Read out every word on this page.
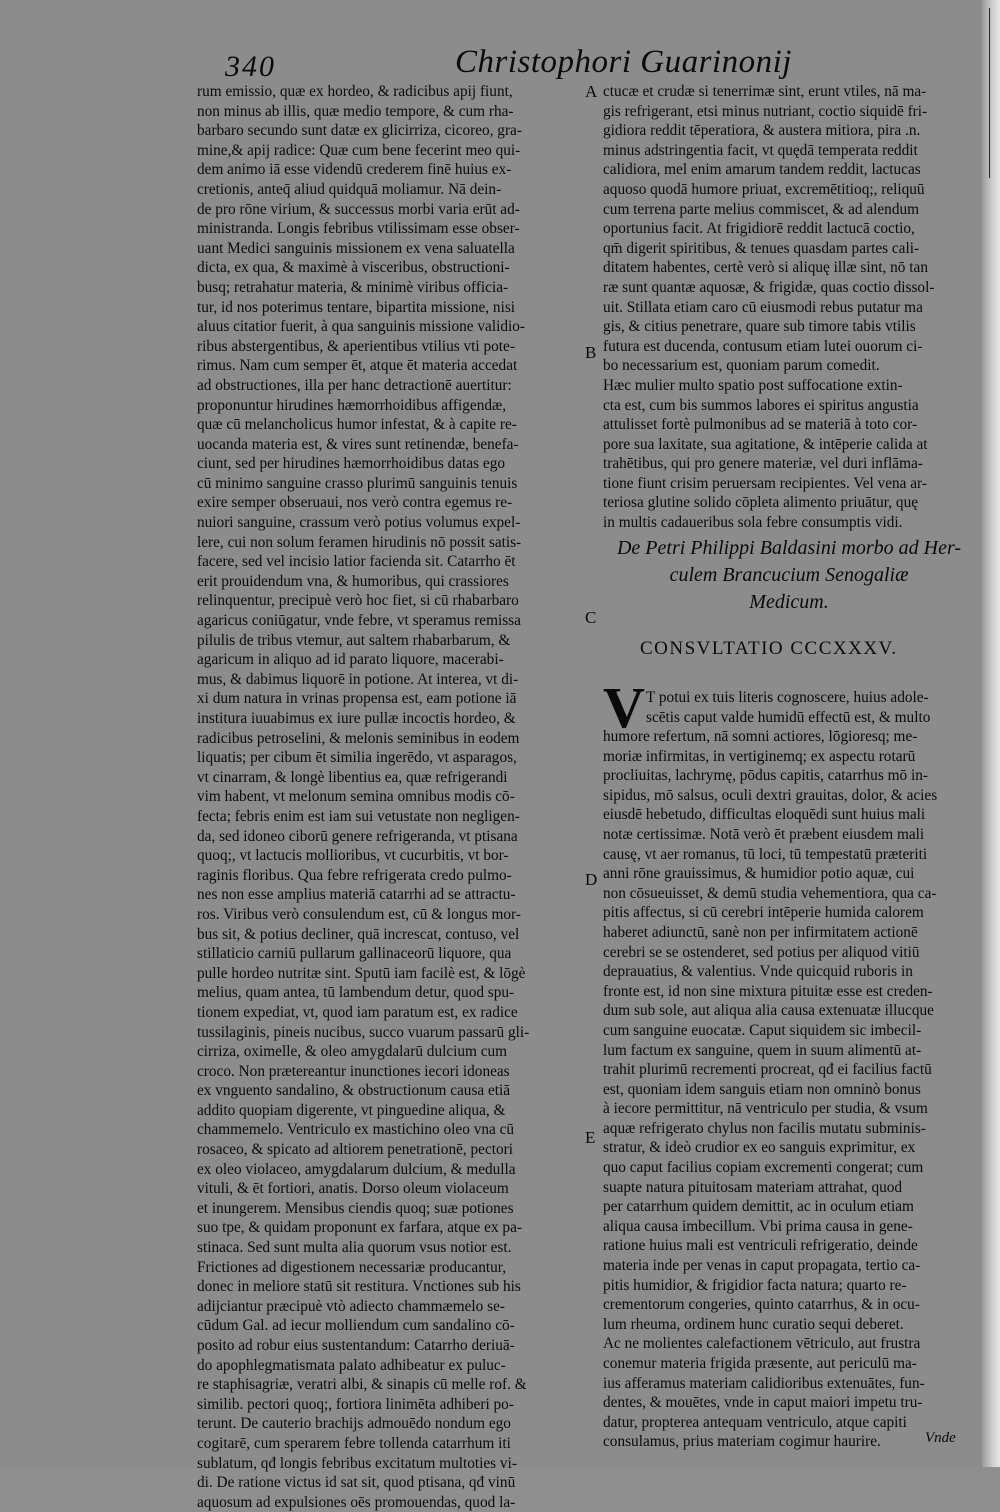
340	Christophori Guarinonij
rum emissio, quæ ex hordeo, & radicibus apij fiunt,
non minus ab illis, quæ medio tempore, & cum rha-
barbaro secundo sunt datæ ex glicirriza, cicoreo, gra-
mine,& apij radice: Quæ cum bene fecerint meo qui-
dem animo iā esse videndū crederem finē huius ex-
cretionis, anteq̄ aliud quidquā moliamur. Nā dein-
de pro rōne virium, & successus morbi varia erūt ad-
ministranda. Longis febribus vtilissimam esse obser-
uant Medici sanguinis missionem ex vena saluatella
dicta, ex qua, & maximè à visceribus, obstructioni-
busq; retrahatur materia, & minimè viribus officia-
tur, id nos poterimus tentare, bipartita missione, nisi
aluus citatior fuerit, à qua sanguinis missione validio-
ribus abstergentibus, & aperientibus vtilius vti pote-
rimus. Nam cum semper ēt, atque ēt materia accedat
ad obstructiones, illa per hanc detractionē auertitur:
proponuntur hirudines hæmorrhoidibus affigendæ,
quæ cū melancholicus humor infestat, & à capite re-
uocanda materia est, & vires sunt retinendæ, benefa-
ciunt, sed per hirudines hæmorrhoidibus datas ego
cū minimo sanguine crasso plurimū sanguinis tenuis
exire semper obseruaui, nos verò contra egemus re-
nuiori sanguine, crassum verò potius volumus expel-
lere, cui non solum feramen hirudinis nō possit satis-
facere, sed vel incisio latior facienda sit. Catarrho ēt
erit prouidendum vna, & humoribus, qui crassiores
relinquentur, precipuè verò hoc fiet, si cū rhabarbaro
agaricus coniūgatur, vnde febre, vt speramus remissa
pilulis de tribus vtemur, aut saltem rhabarbarum, &
agaricum in aliquo ad id parato liquore, macerabi-
mus, & dabimus liquorē in potione. At interea, vt di-
xi dum natura in vrinas propensa est, eam potione iā
institura iuuabimus ex iure pullæ incoctis hordeo, &
radicibus petroselini, & melonis seminibus in eodem
liquatis; per cibum ēt similia ingerēdo, vt asparagos,
vt cinarram, & longè libentius ea, quæ refrigerandi
vim habent, vt melonum semina omnibus modis cō-
fecta; febris enim est iam sui vetustate non negligen-
da, sed idoneo ciborū genere refrigeranda, vt ptisana
quoq;, vt lactucis mollioribus, vt cucurbitis, vt bor-
raginis floribus. Qua febre refrigerata credo pulmo-
nes non esse amplius materiā catarrhi ad se attractu-
ros. Viribus verò consulendum est, cū & longus mor-
bus sit, & potius decliner, quā increscat, contuso, vel
stillaticio carniū pullarum gallinaceorū liquore, qua
pulle hordeo nutritæ sint. Sputū iam facilè est, & lōgè
melius, quam antea, tū lambendum detur, quod spu-
tionem expediat, vt, quod iam paratum est, ex radice
tussilaginis, pineis nucibus, succo vuarum passarū gli-
cirriza, oximelle, & oleo amygdalarū dulcium cum
croco. Non prætereantur inunctiones iecori idoneas
ex vnguento sandalino, & obstructionum causa etiā
addito quopiam digerente, vt pinguedine aliqua, &
chammemelo. Ventriculo ex mastichino oleo vna cū
rosaceo, & spicato ad altiorem penetrationē, pectori
ex oleo violaceo, amygdalarum dulcium, & medulla
vituli, & ēt fortiori, anatis. Dorso oleum violaceum
et inungerem. Mensibus ciendis quoq; suæ potiones
suo tpe, & quidam proponunt ex farfara, atque ex pa-
stinaca. Sed sunt multa alia quorum vsus notior est.
Frictiones ad digestionem necessariæ producantur,
donec in meliore statū sit restitura. Vnctiones sub his
adijciantur præcipuè vtò adiecto chammæmelo se-
cūdum Gal. ad iecur molliendum cum sandalino cō-
posito ad robur eius sustentandum: Catarrho deriuā-
do apophlegmatismata palato adhibeatur ex puluc-
re staphisagriæ, veratri albi, & sinapis cū melle rof. &
similib. pectori quoq;, fortiora linimēta adhiberi po-
terunt. De cauterio brachijs admouēdo nondum ego
cogitarē, cum sperarem febre tollenda catarrhum iti
sublatum, qđ longis febribus excitatum multoties vi-
di. De ratione victus id sat sit, quod ptisana, qđ vinū
aquosum ad expulsiones oēs promouendas, quod la-
ctucæ et crudæ si tenerrimæ sint, erunt vtiles, nā ma-
gis refrigerant, etsi minus nutriant, coctio siquidē fri-
gidiora reddit tēperatiora, & austera mitiora, pira .n.
minus adstringentia facit, vt quędā temperata reddit
calidiora, mel enim amarum tandem reddit, lactucas
aquoso quodā humore priuat, excremētitioq;, reliquū
cum terrena parte melius commiscet, & ad alendum
oportunius facit. At frigidiorē reddit lactucā coctio,
qm̄ digerit spiritibus, & tenues quasdam partes cali-
ditatem habentes, certè verò si aliquę illæ sint, nō tan
ræ sunt quantæ aquosæ, & frigidæ, quas coctio dissol-
uit. Stillata etiam caro cū eiusmodi rebus putatur ma
gis, & citius penetrare, quare sub timore tabis vtilis
futura est ducenda, contusum etiam lutei ouorum ci-
bo necessarium est, quoniam parum comedit.
Hæc mulier multo spatio post suffocatione extin-
cta est, cum bis summos labores ei spiritus angustia
attulisset fortè pulmonibus ad se materiā à toto cor-
pore sua laxitate, sua agitatione, & intēperie calida at
trahētibus, qui pro genere materiæ, vel duri inflāma-
tione fiunt crisim peruersam recipientes. Vel vena ar-
teriosa glutine solido cōpleta alimento priuātur, quę
in multis cadaueribus sola febre consumptis vidi.
A
B
C
D
E
De Petri Philippi Baldasini morbo ad Her-
culem Brancucium Senogaliæ
Medicum.
CONSVLTATIO CCCXXXV.
V T potui ex tuis literis cognoscere, huius adole-
scētis caput valde humidū effectū est, & multo
humore refertum, nā somni actiores, lōgioresq; me-
moriæ infirmitas, in vertiginemq; ex aspectu rotarū
procliuitas, lachrymę, pōdus capitis, catarrhus mō in-
sipidus, mō salsus, oculi dextri grauitas, dolor, & acies
eiusdē hebetudo, difficultas eloquēdi sunt huius mali
notæ certissimæ. Notā verò ēt præbent eiusdem mali
causę, vt aer romanus, tū loci, tū tempestatū præteriti
anni rōne grauissimus, & humidior potio aquæ, cui
non cōsueuisset, & demū studia vehementiora, qua ca-
pitis affectus, si cū cerebri intēperie humida calorem
haberet adiunctū, sanè non per infirmitatem actionē
cerebri se se ostenderet, sed potius per aliquod vitiū
deprauatius, & valentius. Vnde quicquid ruboris in
fronte est, id non sine mixtura pituitæ esse est creden-
dum sub sole, aut aliqua alia causa extenuatæ illucque
cum sanguine euocatæ. Caput siquidem sic imbecil-
lum factum ex sanguine, quem in suum alimentū at-
trahit plurimū recrementi procreat, qđ ei facilius factū
est, quoniam idem sanguis etiam non omninò bonus
à iecore permittitur, nā ventriculo per studia, & vsum
aquæ refrigerato chylus non facilis mutatu subminis-
stratur, & ideò crudior ex eo sanguis exprimitur, ex
quo caput facilius copiam excrementi congerat; cum
suapte natura pituitosam materiam attrahat, quod
per catarrhum quidem demittit, ac in oculum etiam
aliqua causa imbecillum. Vbi prima causa in gene-
ratione huius mali est ventriculi refrigeratio, deinde
materia inde per venas in caput propagata, tertio ca-
pitis humidior, & frigidior facta natura; quarto re-
crementorum congeries, quinto catarrhus, & in ocu-
lum rheuma, ordinem hunc curatio sequi deberet.
Ac ne molientes calefactionem vētriculo, aut frustra
conemur materia frigida præsente, aut periculū ma-
ius afferamus materiam calidioribus extenuātes, fun-
dentes, & mouētes, vnde in caput maiori impetu tru-
datur, propterea antequam ventriculo, atque capiti
consulamus, prius materiam cogimur haurire.	Vnde
